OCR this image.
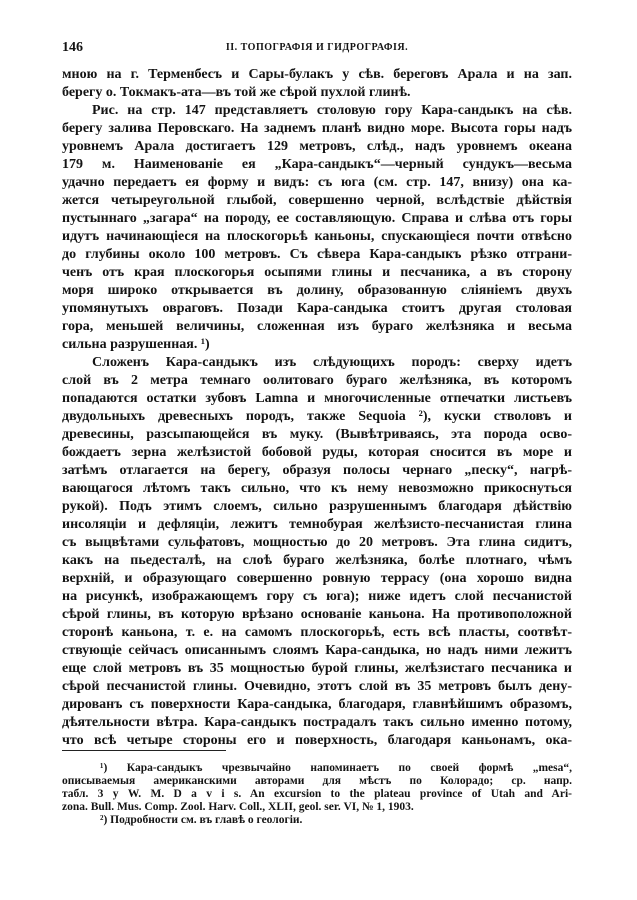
146	II. ТОПОГРАФІЯ И ГИДРОГРАФІЯ.
мною на г. Терменбесъ и Сары-булакъ у сѣв. береговъ Арала и на зап.
берегу о. Токмакъ-ата—въ той же сѣрой пухлой глинѣ.
Рис. на стр. 147 представляетъ столовую гору Кара-сандыкъ на сѣв.
берегу залива Перовскаго. На заднемъ планѣ видно море. Высота горы надъ
уровнемъ Арала достигаетъ 129 метровъ, слѣд., надъ уровнемъ океана
179 м. Наименованіе ея „Кара-сандыкъ“—черный сундукъ—весьма
удачно передаетъ ея форму и видъ: съ юга (см. стр. 147, внизу) она ка-
жется четыреугольной глыбой, совершенно черной, вслѣдствіе дѣйствія
пустыннаго „загара“ на породу, ее составляющую. Справа и слѣва отъ горы
идутъ начинающіеся на плоскогорьѣ каньоны, спускающіеся почти отвѣсно
до глубины около 100 метровъ. Съ сѣвера Кара-сандыкъ рѣзко отграни-
ченъ отъ края плоскогорья осыпями глины и песчаника, а въ сторону
моря широко открывается въ долину, образованную сліяніемъ двухъ
упомянутыхъ овраговъ. Позади Кара-сандыка стоитъ другая столовая
гора, меньшей величины, сложенная изъ бураго желѣзняка и весьма
сильна разрушенная. ¹)
Сложенъ Кара-сандыкъ изъ слѣдующихъ породъ: сверху идетъ
слой въ 2 метра темнаго оолитоваго бураго желѣзняка, въ которомъ
попадаются остатки зубовъ Lamna и многочисленные отпечатки листьевъ
двудольныхъ древесныхъ породъ, также Sequoia ²), куски стволовъ и
древесины, разсыпающейся въ муку. (Вывѣтриваясь, эта порода осво-
бождаетъ зерна желѣзистой бобовой руды, которая сносится въ море и
затѣмъ отлагается на берегу, образуя полосы чернаго „песку“, нагрѣ-
вающагося лѣтомъ такъ сильно, что къ нему невозможно прикоснуться
рукой). Подъ этимъ слоемъ, сильно разрушеннымъ благодаря дѣйствію
инсоляціи и дефляціи, лежитъ темнобурая желѣзисто-песчанистая глина
съ выцвѣтами сульфатовъ, мощностью до 20 метровъ. Эта глина сидитъ,
какъ на пьедесталѣ, на слоѣ бураго желѣзняка, болѣе плотнаго, чѣмъ
верхній, и образующаго совершенно ровную террасу (она хорошо видна
на рисункѣ, изображающемъ гору съ юга); ниже идетъ слой песчанистой
сѣрой глины, въ которую врѣзано основаніе каньона. На противоположной
сторонѣ каньона, т. е. на самомъ плоскогорьѣ, есть всѣ пласты, соотвѣт-
ствующіе сейчасъ описаннымъ слоямъ Кара-сандыка, но надъ ними лежитъ
еще слой метровъ въ 35 мощностью бурой глины, желѣзистаго песчаника и
сѣрой песчанистой глины. Очевидно, этотъ слой въ 35 метровъ былъ дену-
дированъ съ поверхности Кара-сандыка, благодаря, главнѣйшимъ образомъ,
дѣятельности вѣтра. Кара-сандыкъ пострадалъ такъ сильно именно потому,
что всѣ четыре стороны его и поверхность, благодаря каньонамъ, ока-
¹) Кара-сандыкъ чрезвычайно напоминаетъ по своей формѣ „mesa“,
описываемыя американскими авторами для мѣстъ по Колорадо; ср. напр.
табл. 3 у W. M. D a v i s. An excursion to the plateau province of Utah and Ari-
zona. Bull. Mus. Comp. Zool. Harv. Coll., XLII, geol. ser. VI, № 1, 1903.
²) Подробности см. въ главѣ о геологіи.
